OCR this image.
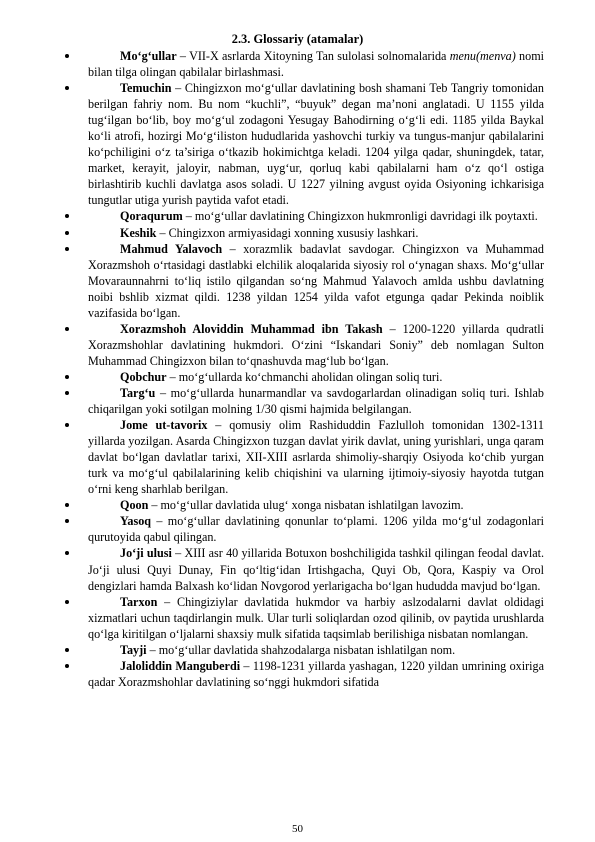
2.3. Glossariy (atamalar)
Mo‘g‘ullar – VII-X asrlarda Xitoyning Tan sulolasi solnomalarida menu(menva) nomi bilan tilga olingan qabilalar birlashmasi.
Temuchin – Chingizxon mo‘g‘ullar davlatining bosh shamani Teb Tangriy tomonidan berilgan fahriy nom. Bu nom “kuchli”, “buyuk” degan ma’noni anglatadi. U 1155 yilda tug‘ilgan bo‘lib, boy mo‘g‘ul zodagoni Yesugay Bahodirning o‘g‘li edi. 1185 yilda Baykal ko‘li atrofi, hozirgi Mo‘g‘iliston hududlarida yashovchi turkiy va tungus-manjur qabilalarini ko‘pchiligini o‘z ta’siriga o‘tkazib hokimichtga keladi. 1204 yilga qadar, shuningdek, tatar, market, kerayit, jaloyir, nabman, uyg‘ur, qorluq kabi qabilalarni ham o‘z qo‘l ostiga birlashtirib kuchli davlatga asos soladi. U 1227 yilning avgust oyida Osiyoning ichkarisiga tungutlar utiga yurish paytida vafot etadi.
Qoraqurum – mo‘g‘ullar davlatining Chingizxon hukmronligi davridagi ilk poytaxti.
Keshik – Chingizxon armiyasidagi xonning xususiy lashkari.
Mahmud Yalavoch – xorazmlik badavlat savdogar. Chingizxon va Muhammad Xorazmshoh o‘rtasidagi dastlabki elchilik aloqalarida siyosiy rol o‘ynagan shaxs. Mo‘g‘ullar Movaraunnahrni to‘liq istilo qilgandan so‘ng Mahmud Yalavoch amlda ushbu davlatning noibi bshlib xizmat qildi. 1238 yildan 1254 yilda vafot etgunga qadar Pekinda noiblik vazifasida bo‘lgan.
Xorazmshoh Aloviddin Muhammad ibn Takash – 1200-1220 yillarda qudratli Xorazmshohlar davlatining hukmdori. O‘zini “Iskandari Soniy” deb nomlagan Sulton Muhammad Chingizxon bilan to‘qnashuvda mag‘lub bo‘lgan.
Qobchur – mo‘g‘ullarda ko‘chmanchi aholidan olingan soliq turi.
Targ‘u – mo‘g‘ullarda hunarmandlar va savdogarlardan olinadigan soliq turi. Ishlab chiqarilgan yoki sotilgan molning 1/30 qismi hajmida belgilangan.
Jome ut-tavorix – qomusiy olim Rashiduddin Fazlulloh tomonidan 1302-1311 yillarda yozilgan. Asarda Chingizxon tuzgan davlat yirik davlat, uning yurishlari, unga qaram davlat bo‘lgan davlatlar tarixi, XII-XIII asrlarda shimoliy-sharqiy Osiyoda ko‘chib yurgan turk va mo‘g‘ul qabilalarining kelib chiqishini va ularning ijtimoiy-siyosiy hayotda tutgan o‘rni keng sharhlab berilgan.
Qoon – mo‘g‘ullar davlatida ulug‘ xonga nisbatan ishlatilgan lavozim.
Yasoq – mo‘g‘ullar davlatining qonunlar to‘plami. 1206 yilda mo‘g‘ul zodagonlari qurutoyida qabul qilingan.
Jo‘ji ulusi – XIII asr 40 yillarida Botuxon boshchiligida tashkil qilingan feodal davlat. Jo‘ji ulusi Quyi Dunay, Fin qo‘ltig‘idan Irtishgacha, Quyi Ob, Qora, Kaspiy va Orol dengizlari hamda Balxash ko‘lidan Novgorod yerlarigacha bo‘lgan hududda mavjud bo‘lgan.
Tarxon – Chingiziylar davlatida hukmdor va harbiy aslzodalarni davlat oldidagi xizmatlari uchun taqdirlangin mulk. Ular turli soliqlardan ozod qilinib, ov paytida urushlarda qo‘lga kiritilgan o‘ljalarni shaxsiy mulk sifatida taqsimlab berilishiga nisbatan nomlangan.
Tayji – mo‘g‘ullar davlatida shahzodalarga nisbatan ishlatilgan nom.
Jaloliddin Manguberdi – 1198-1231 yillarda yashagan, 1220 yildan umrining oxiriga qadar Xorazmshohlar davlatining so‘nggi hukmdori sifatida
50
